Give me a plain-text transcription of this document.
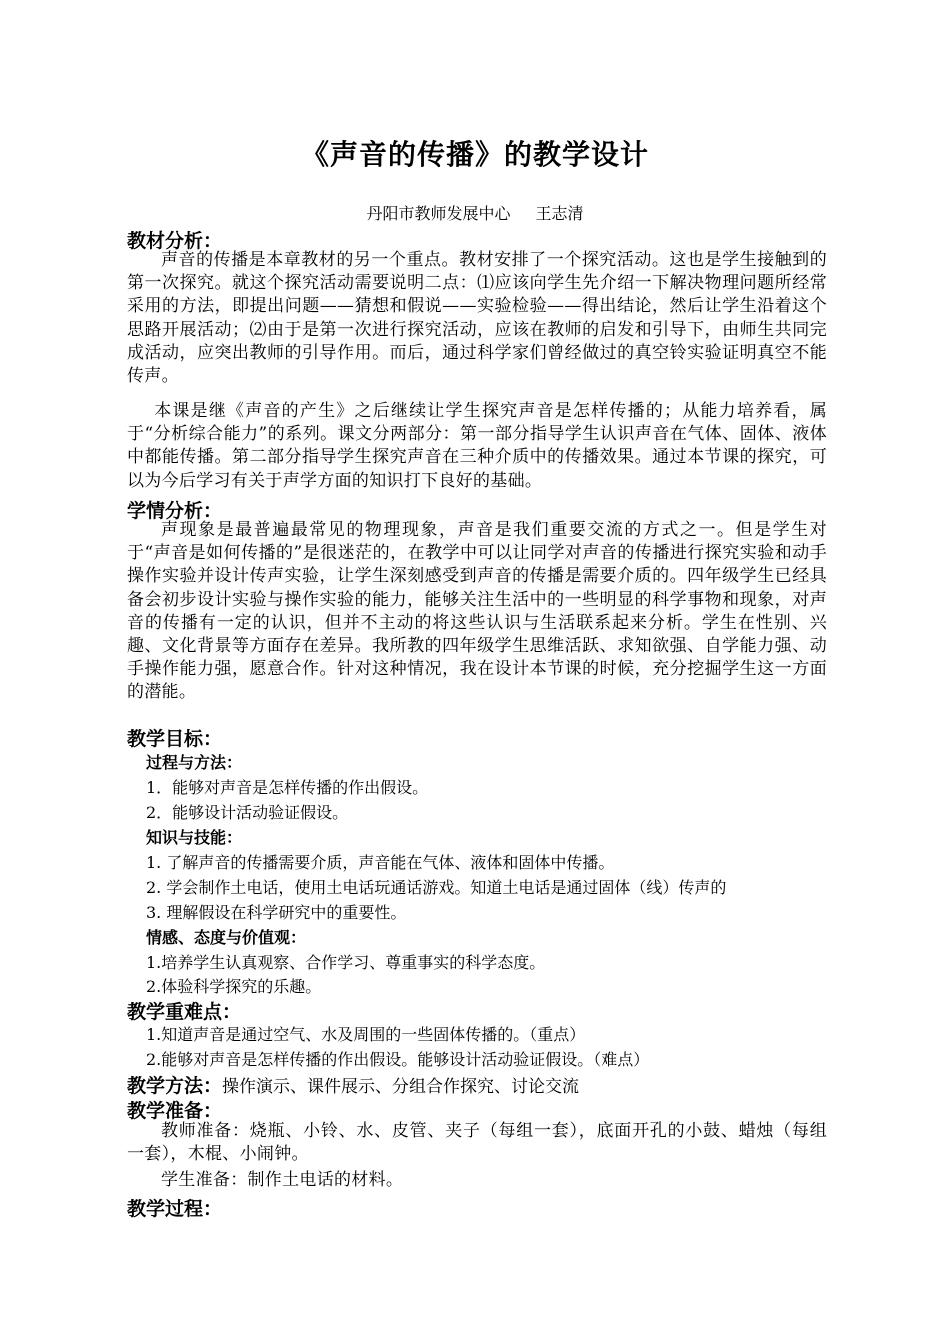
《声音的传播》的教学设计
丹阳市教师发展中心 王志清
教材分析：
声音的传播是本章教材的另一个重点。教材安排了一个探究活动。这也是学生接触到的第一次探究。就这个探究活动需要说明二点：⑴应该向学生先介绍一下解决物理问题所经常采用的方法，即提出问题——猜想和假说——实验检验——得出结论，然后让学生沿着这个思路开展活动；⑵由于是第一次进行探究活动，应该在教师的启发和引导下，由师生共同完成活动，应突出教师的引导作用。而后，通过科学家们曾经做过的真空铃实验证明真空不能传声。
本课是继《声音的产生》之后继续让学生探究声音是怎样传播的；从能力培养看，属于“分析综合能力”的系列。课文分两部分：第一部分指导学生认识声音在气体、固体、液体中都能传播。第二部分指导学生探究声音在三种介质中的传播效果。通过本节课的探究，可以为今后学习有关于声学方面的知识打下良好的基础。
学情分析：
声现象是最普遍最常见的物理现象，声音是我们重要交流的方式之一。但是学生对于“声音是如何传播的”是很迷茫的，在教学中可以让同学对声音的传播进行探究实验和动手操作实验并设计传声实验，让学生深刻感受到声音的传播是需要介质的。四年级学生已经具备会初步设计实验与操作实验的能力，能够关注生活中的一些明显的科学事物和现象，对声音的传播有一定的认识，但并不主动的将这些认识与生活联系起来分析。学生在性别、兴趣、文化背景等方面存在差异。我所教的四年级学生思维活跃、求知欲强、自学能力强、动手操作能力强，愿意合作。针对这种情况，我在设计本节课的时候，充分挖掘学生这一方面的潜能。
教学目标：
过程与方法：
1．能够对声音是怎样传播的作出假设。
2．能够设计活动验证假设。
知识与技能：
1. 了解声音的传播需要介质，声音能在气体、液体和固体中传播。
2. 学会制作土电话，使用土电话玩通话游戏。知道土电话是通过固体（线）传声的
3. 理解假设在科学研究中的重要性。
情感、态度与价值观：
1.培养学生认真观察、合作学习、尊重事实的科学态度。
2.体验科学探究的乐趣。
教学重难点：
1.知道声音是通过空气、水及周围的一些固体传播的。（重点）
2.能够对声音是怎样传播的作出假设。能够设计活动验证假设。（难点）
教学方法：操作演示、课件展示、分组合作探究、讨论交流
教学准备：
教师准备：烧瓶、小铃、水、皮管、夹子（每组一套），底面开孔的小鼓、蜡烛（每组一套），木棍、小闹钟。
学生准备：制作土电话的材料。
教学过程：
